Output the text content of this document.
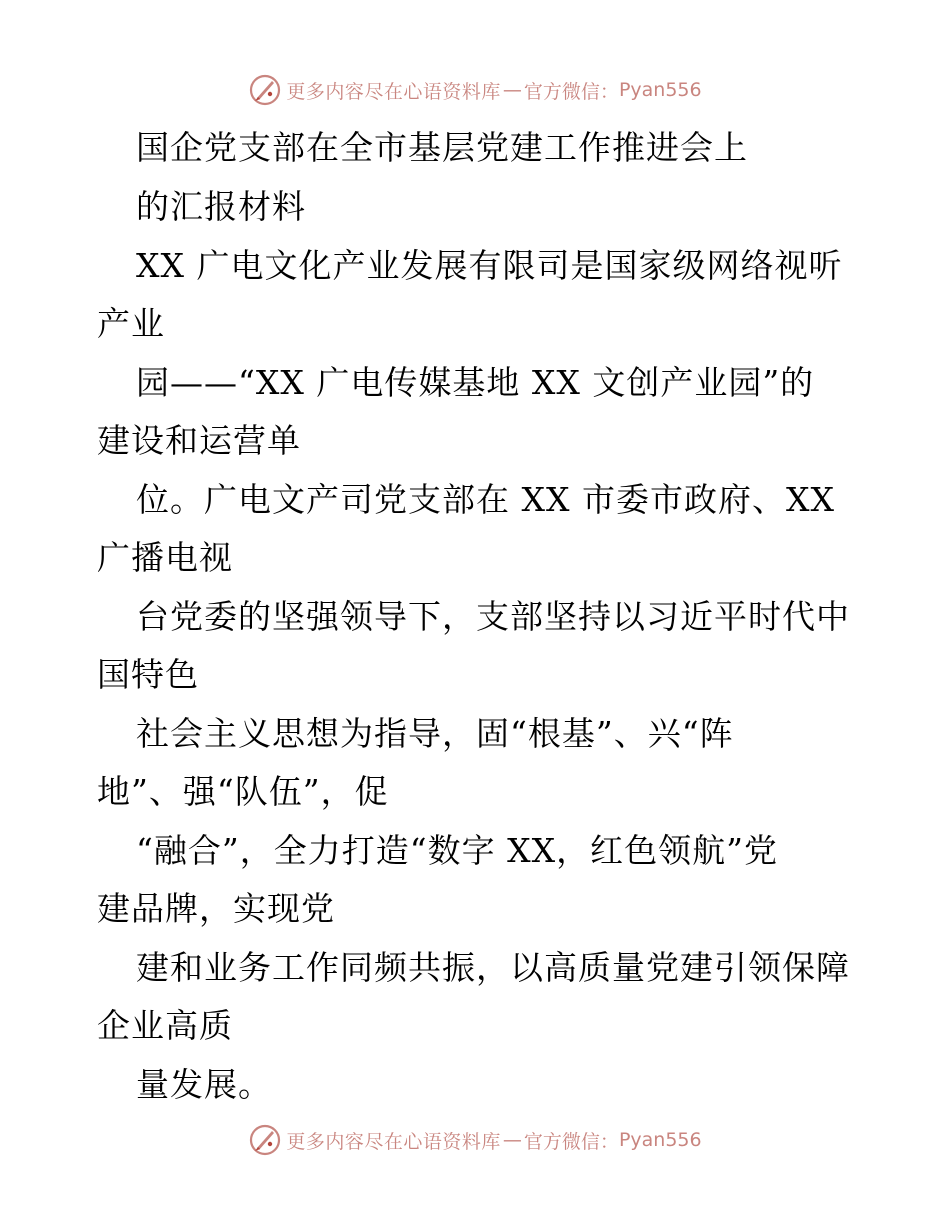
更多内容尽在心语资料库 — 官方微信： Pyan556
国企党支部在全市基层党建工作推进会上
的汇报材料
XX 广电文化产业发展有限司是国家级网络视听
产业
园——“XX 广电传媒基地 XX 文创产业园”的
建设和运营单
位。广电文产司党支部在 XX 市委市政府、XX
广播电视
台党委的坚强领导下，支部坚持以习近平时代中
国特色
社会主义思想为指导，固“根基”、兴“阵
地”、强“队伍”，促
“融合”，全力打造“数字 XX，红色领航”党
建品牌，实现党
建和业务工作同频共振，以高质量党建引领保障
企业高质
量发展。
更多内容尽在心语资料库 — 官方微信： Pyan556
